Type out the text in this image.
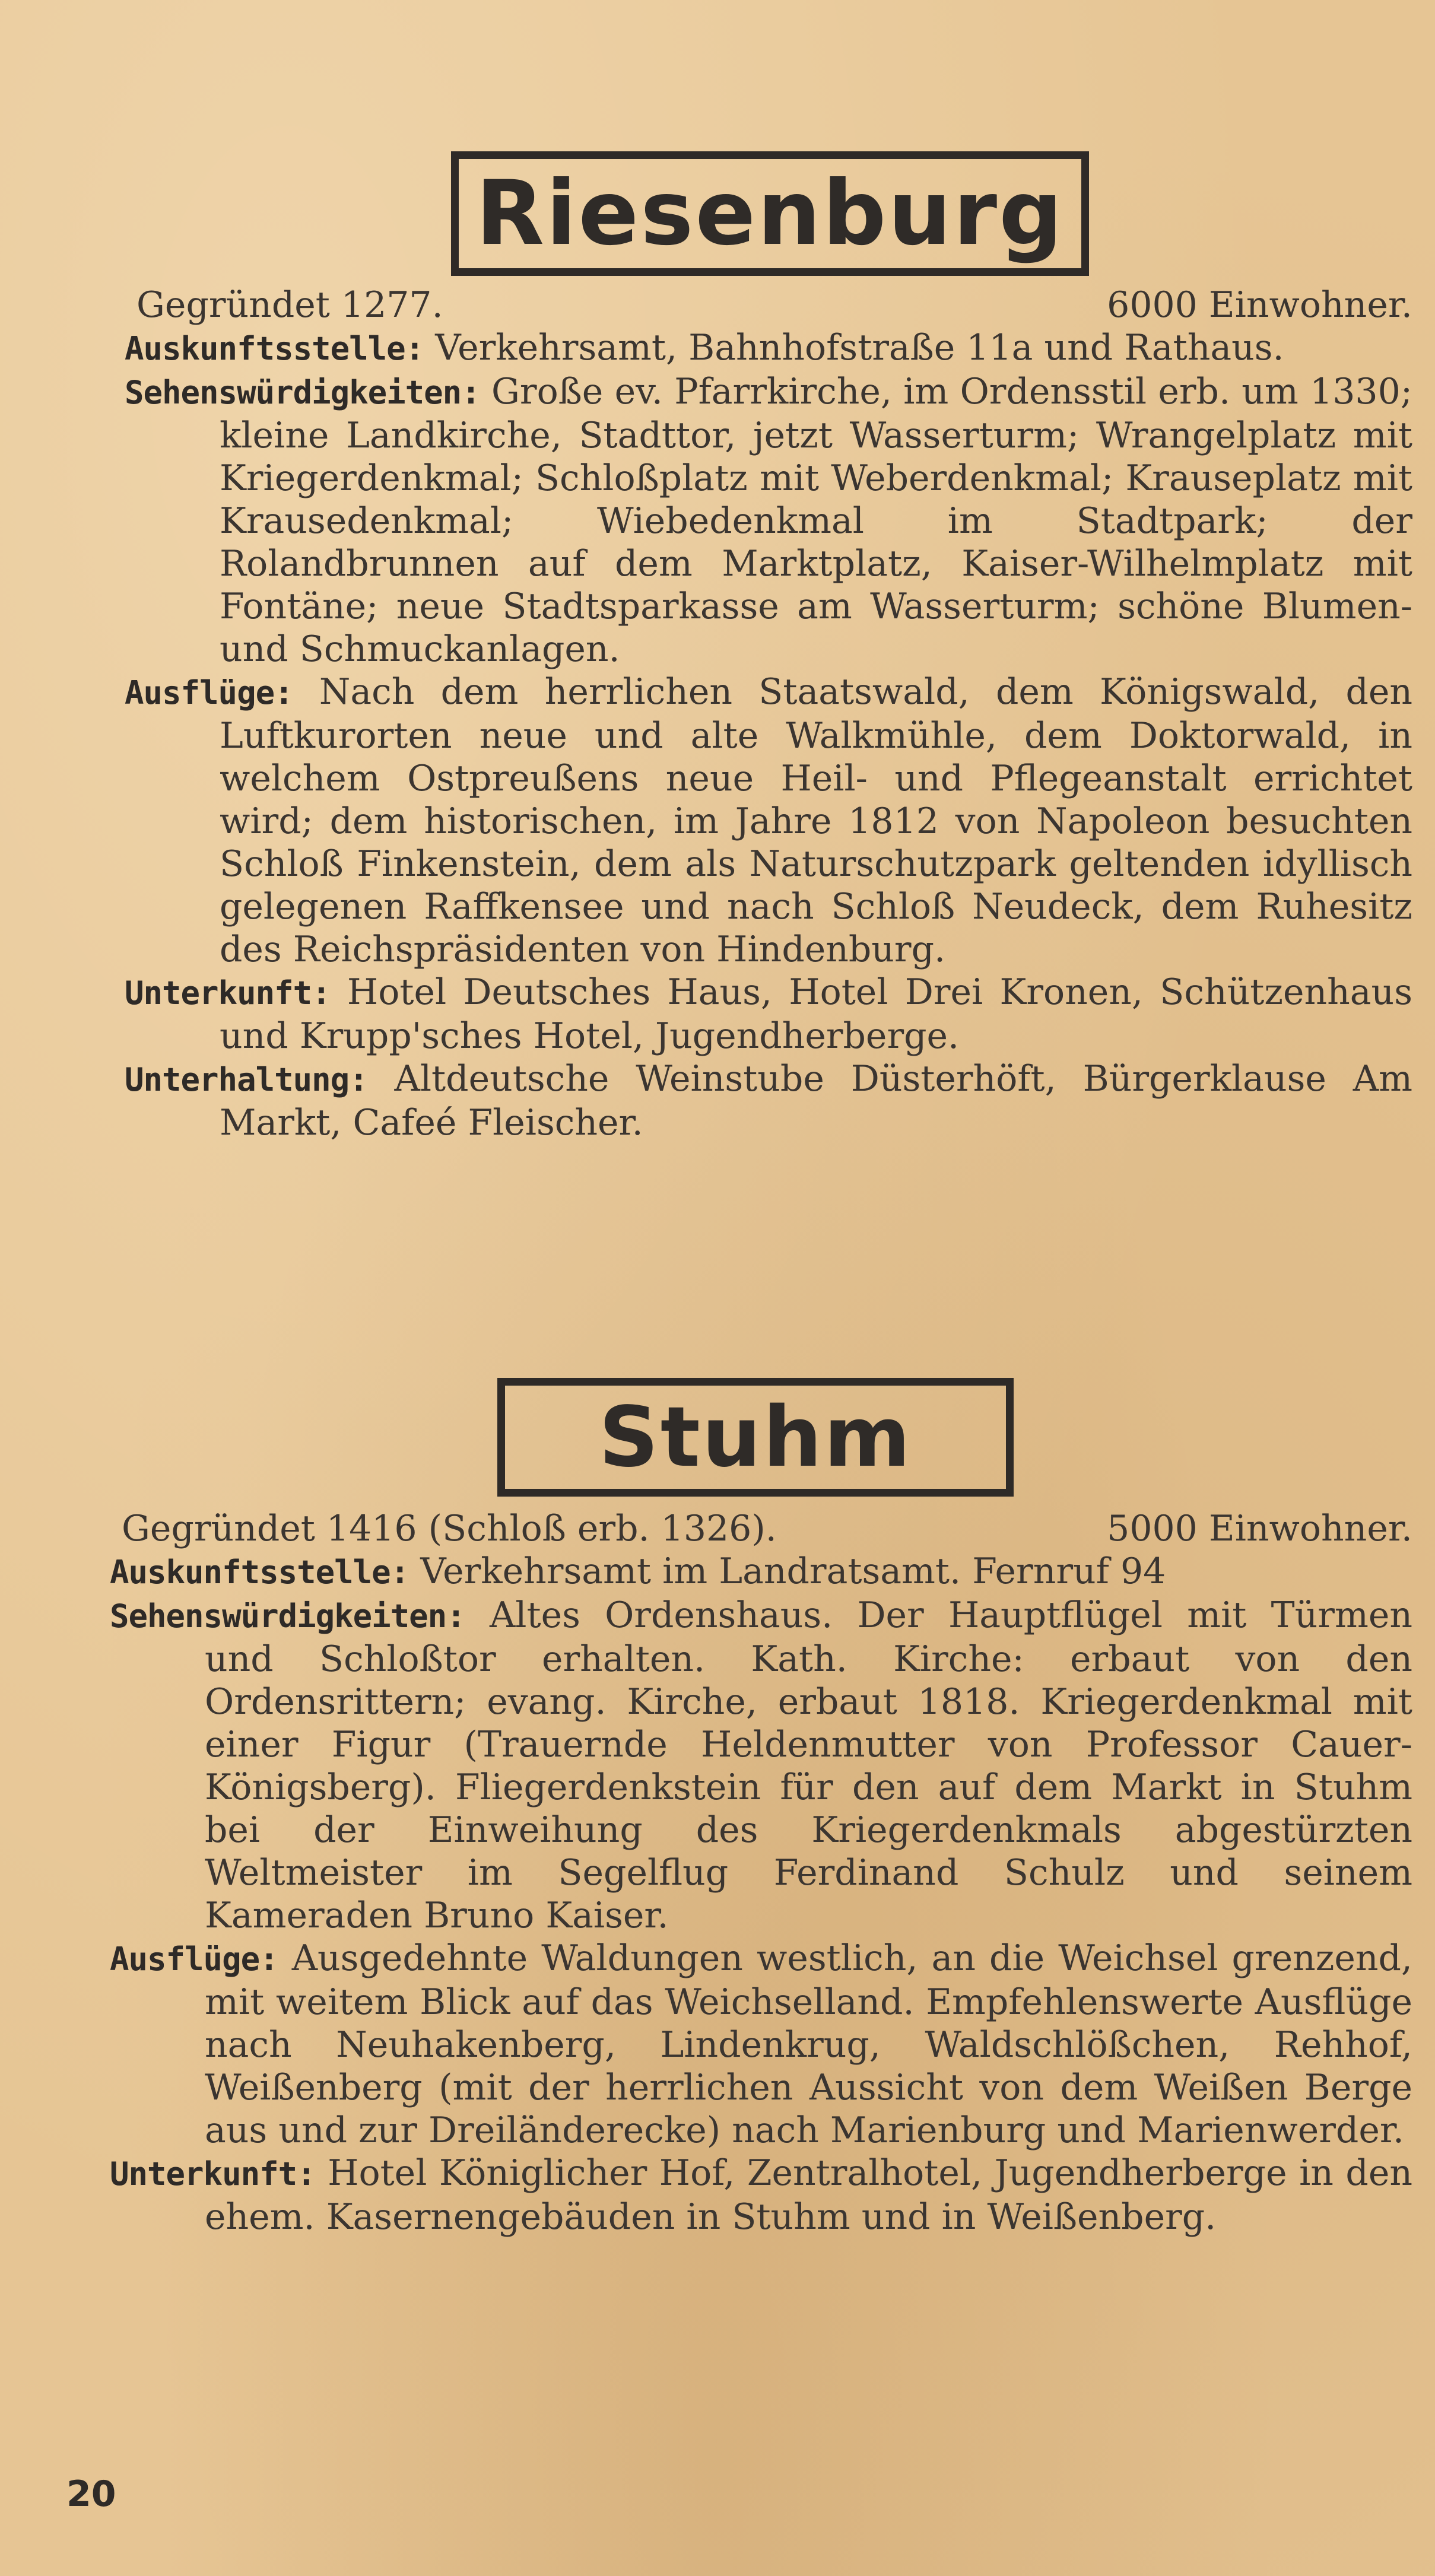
Riesenburg
Gegründet 1277.	6000 Einwohner.
Auskunftsstelle: Verkehrsamt, Bahnhofstraße 11a und Rathaus.
Sehenswürdigkeiten: Große ev. Pfarrkirche, im Ordensstil erb. um 1330; kleine Landkirche, Stadttor, jetzt Wasserturm; Wrangelplatz mit Kriegerdenkmal; Schloßplatz mit Weberdenkmal; Krauseplatz mit Krausedenkmal; Wiebedenkmal im Stadtpark; der Rolandbrunnen auf dem Marktplatz, Kaiser-Wilhelmplatz mit Fontäne; neue Stadtsparkasse am Wasserturm; schöne Blumen- und Schmuckanlagen.
Ausflüge: Nach dem herrlichen Staatswald, dem Königswald, den Luftkurorten neue und alte Walkmühle, dem Doktorwald, in welchem Ostpreußens neue Heil- und Pflegeanstalt errichtet wird; dem historischen, im Jahre 1812 von Napoleon besuchten Schloß Finkenstein, dem als Naturschutzpark geltenden idyllisch gelegenen Raffkensee und nach Schloß Neudeck, dem Ruhesitz des Reichspräsidenten von Hindenburg.
Unterkunft: Hotel Deutsches Haus, Hotel Drei Kronen, Schützenhaus und Krupp'sches Hotel, Jugendherberge.
Unterhaltung: Altdeutsche Weinstube Düsterhöft, Bürgerklause Am Markt, Cafeé Fleischer.
Stuhm
Gegründet 1416 (Schloß erb. 1326).	5000 Einwohner.
Auskunftsstelle: Verkehrsamt im Landratsamt. Fernruf 94
Sehenswürdigkeiten: Altes Ordenshaus. Der Hauptflügel mit Türmen und Schloßtor erhalten. Kath. Kirche: erbaut von den Ordensrittern; evang. Kirche, erbaut 1818. Kriegerdenkmal mit einer Figur (Trauernde Heldenmutter von Professor Cauer-Königsberg). Fliegerdenkstein für den auf dem Markt in Stuhm bei der Einweihung des Kriegerdenkmals abgestürzten Weltmeister im Segelflug Ferdinand Schulz und seinem Kameraden Bruno Kaiser.
Ausflüge: Ausgedehnte Waldungen westlich, an die Weichsel grenzend, mit weitem Blick auf das Weichselland. Empfehlenswerte Ausflüge nach Neuhakenberg, Lindenkrug, Waldschlößchen, Rehhof, Weißenberg (mit der herrlichen Aussicht von dem Weißen Berge aus und zur Dreiländerecke) nach Marienburg und Marienwerder.
Unterkunft: Hotel Königlicher Hof, Zentralhotel, Jugendherberge in den ehem. Kasernengebäuden in Stuhm und in Weißenberg.
20
